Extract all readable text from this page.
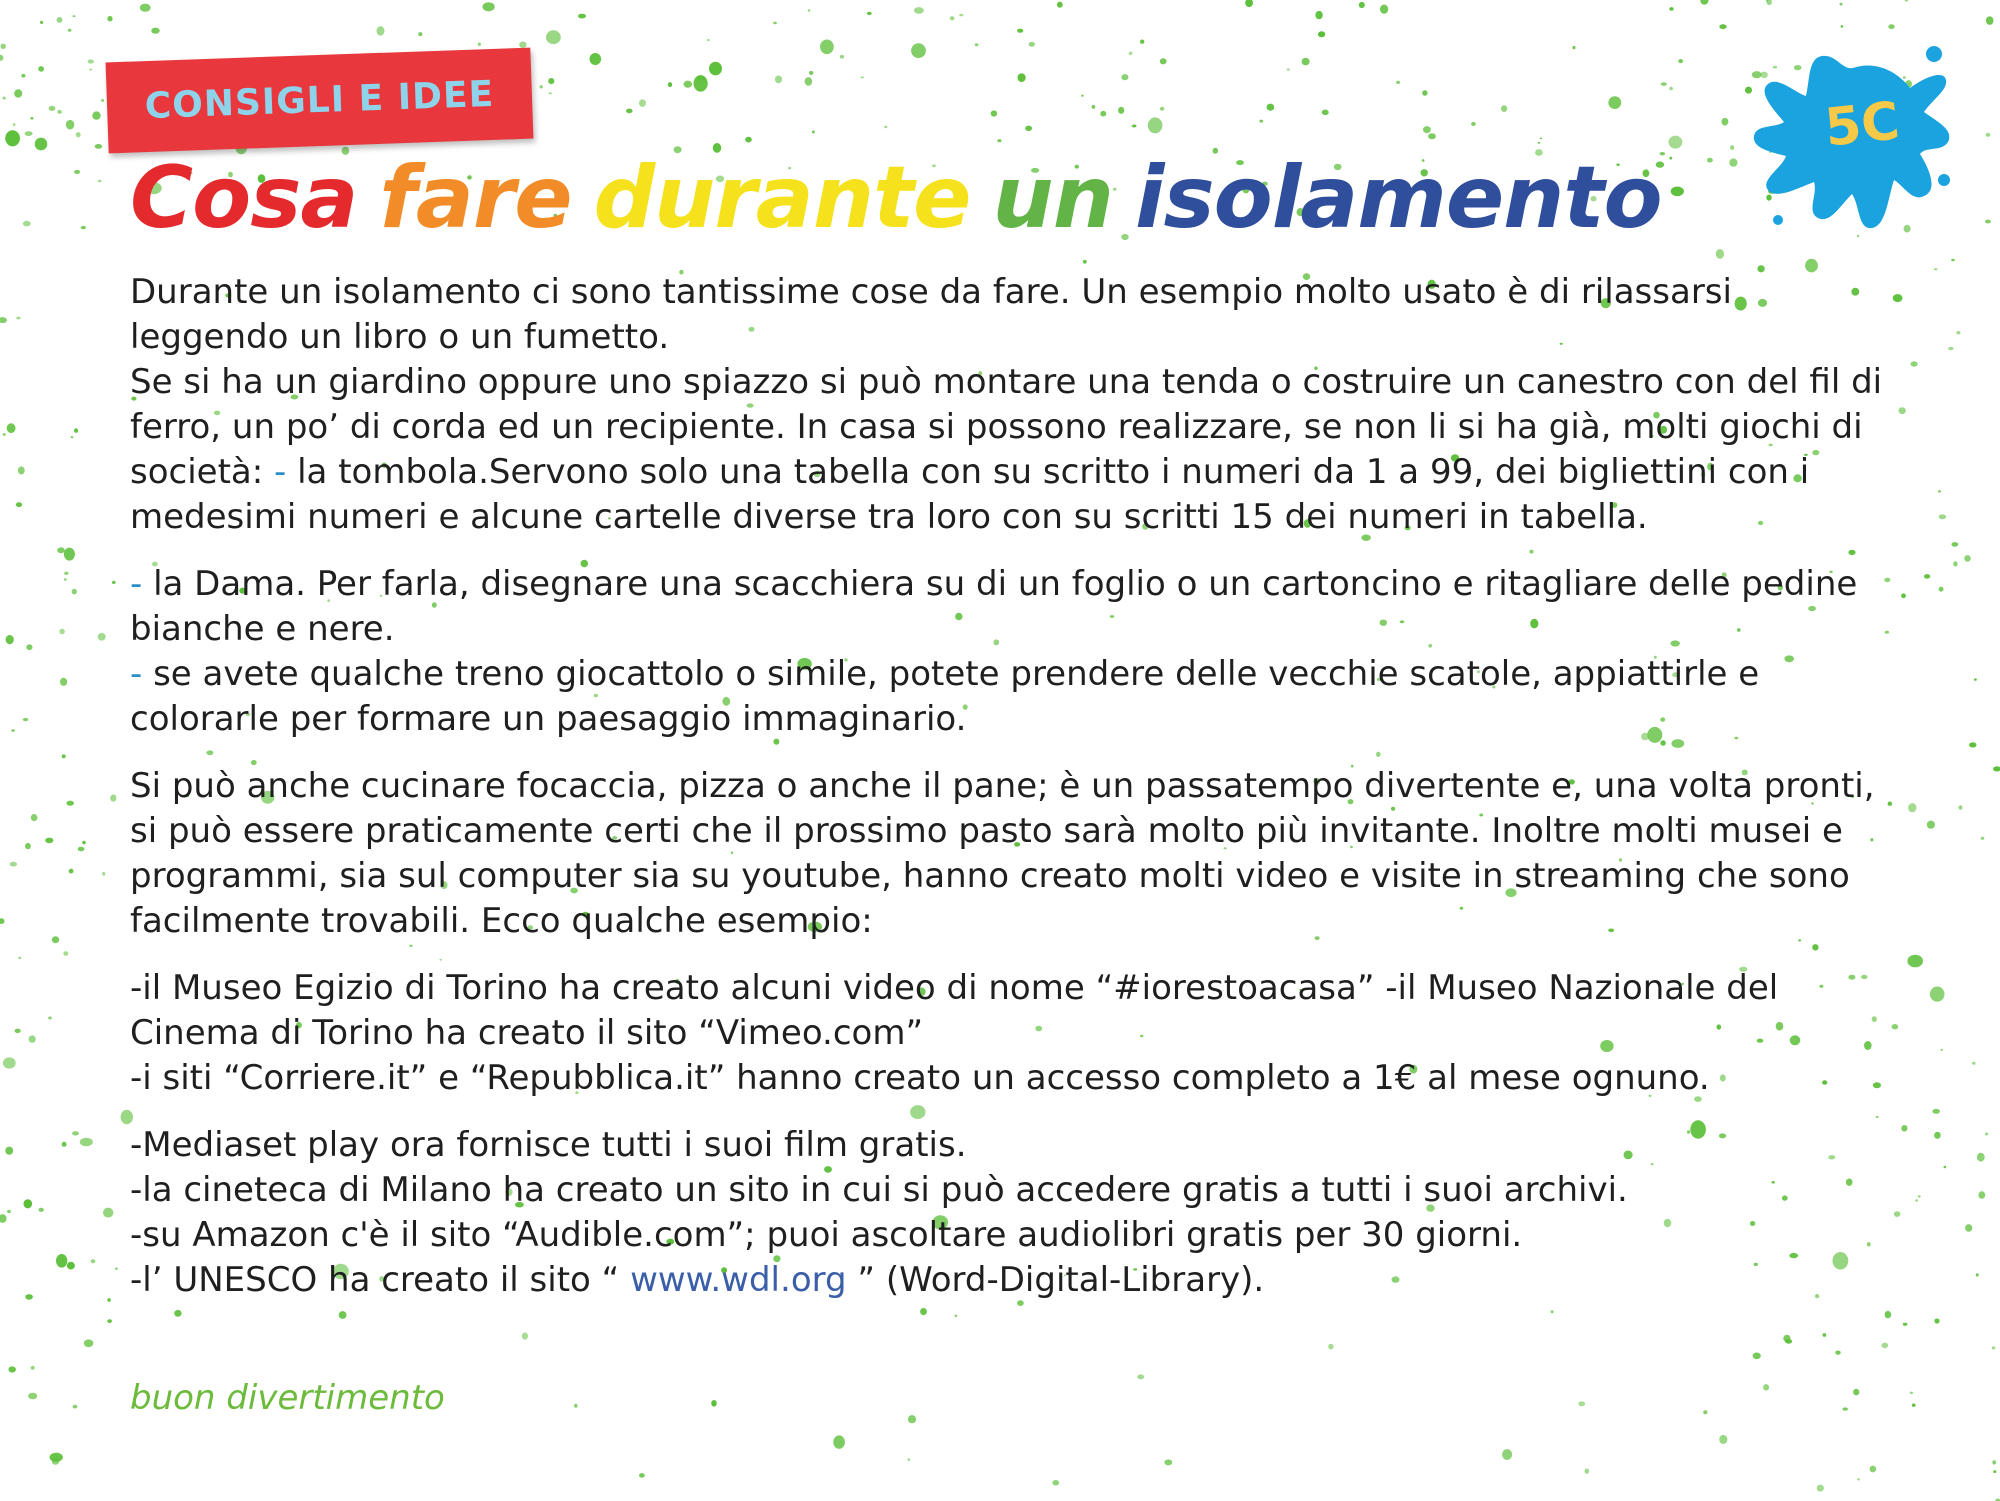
CONSIGLI E IDEE	5C
Cosa fare durante un isolamento

Durante un isolamento ci sono tantissime cose da fare. Un esempio molto usato è di rilassarsi leggendo un libro o un fumetto.
Se si ha un giardino oppure uno spiazzo si può montare una tenda o costruire un canestro con del fil di ferro, un po’ di corda ed un recipiente. In casa si possono realizzare, se non li si ha già, molti giochi di società: - la tombola.Servono solo una tabella con su scritto i numeri da 1 a 99, dei bigliettini con i medesimi numeri e alcune cartelle diverse tra loro con su scritti 15 dei numeri in tabella.

- la Dama. Per farla, disegnare una scacchiera su di un foglio o un cartoncino e ritagliare delle pedine bianche e nere.
- se avete qualche treno giocattolo o simile, potete prendere delle vecchie scatole, appiattirle e colorarle per formare un paesaggio immaginario.

Si può anche cucinare focaccia, pizza o anche il pane; è un passatempo divertente e, una volta pronti, si può essere praticamente certi che il prossimo pasto sarà molto più invitante. Inoltre molti musei e programmi, sia sul computer sia su youtube, hanno creato molti video e visite in streaming che sono facilmente trovabili. Ecco qualche esempio:

-il Museo Egizio di Torino ha creato alcuni video di nome “#iorestoacasa” -il Museo Nazionale del Cinema di Torino ha creato il sito “Vimeo.com”
-i siti “Corriere.it” e “Repubblica.it” hanno creato un accesso completo a 1€ al mese ognuno.

-Mediaset play ora fornisce tutti i suoi film gratis.
-la cineteca di Milano ha creato un sito in cui si può accedere gratis a tutti i suoi archivi.
-su Amazon c'è il sito “Audible.com”; puoi ascoltare audiolibri gratis per 30 giorni.
-l’ UNESCO ha creato il sito “ www.wdl.org ” (Word-Digital-Library).

buon divertimento
